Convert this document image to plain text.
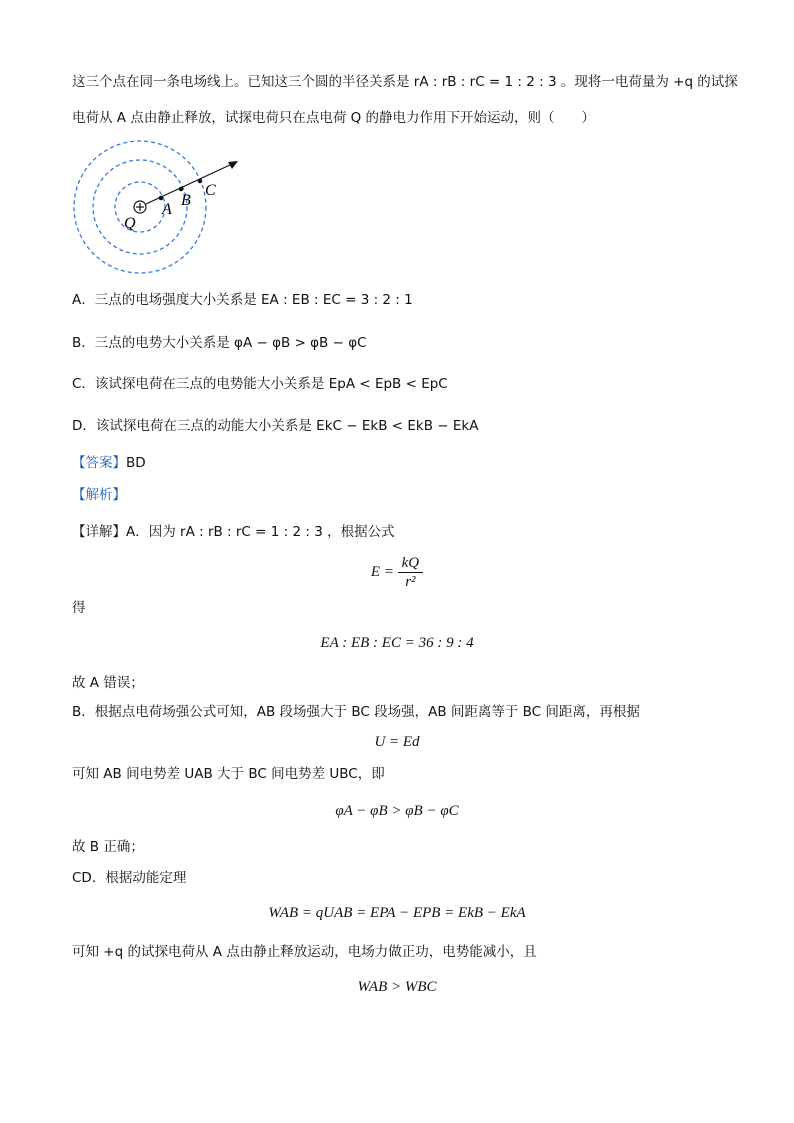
这三个点在同一条电场线上。已知这三个圆的半径关系是 rA : rB : rC = 1 : 2 : 3 。现将一电荷量为 +q 的试探
电荷从 A 点由静止释放，试探电荷只在点电荷 Q 的静电力作用下开始运动，则（　　）
Q
A
B
C
A．三点的电场强度大小关系是 EA : EB : EC = 3 : 2 : 1
B．三点的电势大小关系是 φA − φB > φB − φC
C．该试探电荷在三点的电势能大小关系是 EpA < EpB < EpC
D．该试探电荷在三点的动能大小关系是 EkC − EkB < EkB − EkA
【答案】BD
【解析】
【详解】A．因为 rA : rB : rC = 1 : 2 : 3 ，根据公式
$E = \frac{kQ}{\text{r²}}$
得
EA : EB : EC = 36 : 9 : 4
故 A 错误；
B．根据点电荷场强公式可知，AB 段场强大于 BC 段场强，AB 间距离等于 BC 间距离，再根据
U = Ed
可知 AB 间电势差 UAB 大于 BC 间电势差 UBC，即
φA − φB > φB − φC
故 B 正确；
CD．根据动能定理
WAB = qUAB = EPA − EPB = EkB − EkA
可知 +q 的试探电荷从 A 点由静止释放运动，电场力做正功，电势能减小，且
WAB > WBC
